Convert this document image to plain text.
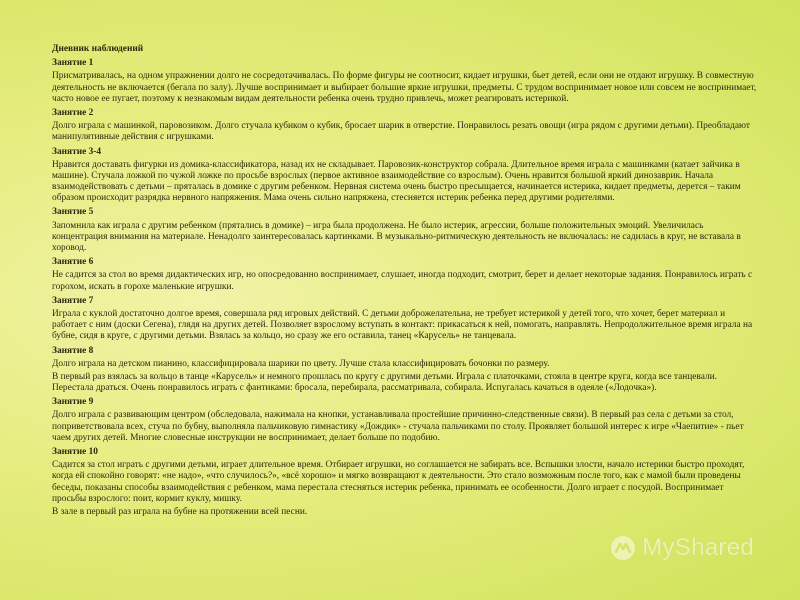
Дневник наблюдений
Занятие 1
Присматривалась, на одном упражнении долго не сосредотачивалась. По форме фигуры не соотносит, кидает игрушки, бьет детей, если они не отдают игрушку. В совместную деятельность не включается (бегала по залу). Лучше воспринимает и выбирает большие яркие игрушки, предметы. С трудом воспринимает новое или совсем не воспринимает, часто новое ее пугает, поэтому к незнакомым видам деятельности ребенка очень трудно привлечь, может реагировать истерикой.
Занятие 2
Долго играла с машинкой, паровозиком. Долго стучала кубиком о кубик, бросает шарик в отверстие. Понравилось резать овощи (игра рядом с другими детьми). Преобладают манипулятивные действия с игрушками.
Занятие 3-4
Нравится доставать фигурки из домика-классификатора, назад их не складывает. Паровозик-конструктор собрала. Длительное время играла с машинками (катает зайчика в машине). Стучала ложкой по чужой ложке по просьбе взрослых (первое активное взаимодействие со взрослым). Очень нравится большой яркий динозаврик. Начала взаимодействовать с детьми – пряталась в домике с другим ребенком. Нервная система очень быстро пресыщается, начинается истерика, кидает предметы, дерется – таким образом происходит разрядка нервного напряжения. Мама очень сильно напряжена, стесняется истерик ребенка перед другими родителями.
Занятие 5
Запомнила как играла с другим ребенком (прятались в домике) – игра была продолжена. Не было истерик, агрессии, больше положительных эмоций. Увеличилась концентрация внимания на материале. Ненадолго заинтересовалась картинками. В музыкально-ритмическую деятельность не включалась: не садилась в круг, не вставала в хоровод.
Занятие 6
Не садится за стол во время дидактических игр, но опосредованно воспринимает, слушает, иногда подходит, смотрит, берет и делает некоторые задания. Понравилось играть с горохом, искать в горохе маленькие игрушки.
Занятие 7
Играла с куклой достаточно долгое время, совершала ряд игровых действий. С детьми доброжелательна, не требует истерикой у детей того, что хочет, берет материал и работает с ним (доски Сегена), глядя на других детей. Позволяет взрослому вступать в контакт: прикасаться к ней, помогать, направлять. Непродолжительное время играла на бубне, сидя в круге, с другими детьми. Взялась за кольцо, но сразу же его оставила, танец «Карусель» не танцевала.
Занятие 8
Долго играла на детском пианино, классифицировала шарики по цвету. Лучше стала классифицировать бочонки по размеру.
В первый раз взялась за кольцо в танце «Карусель» и немного прошлась по кругу с другими детьми. Играла с платочками, стояла в центре круга, когда все танцевали. Перестала драться. Очень понравилось играть с фантиками: бросала, перебирала, рассматривала, собирала. Испугалась качаться в одеяле («Лодочка»).
Занятие 9
Долго играла с развивающим центром (обследовала, нажимала на кнопки, устанавливала простейшие причинно-следственные связи). В первый раз села с детьми за стол, поприветствовала всех, стуча по бубну, выполняла пальчиковую гимнастику «Дождик» - стучала пальчиками по столу. Проявляет большой интерес к игре «Чаепитие» - пьет чаем других детей. Многие словесные инструкции не воспринимает, делает больше по подобию.
Занятие 10
Садится за стол играть с другими детьми, играет длительное время. Отбирает игрушки, но соглашается не забирать все. Вспышки злости, начало истерики быстро проходят, когда ей спокойно говорят: «не надо», «что случилось?», «всё хорошо» и мягко возвращают к деятельности. Это стало возможным после того, как с мамой были проведены беседы, показаны способы взаимодействия с ребенком, мама перестала стесняться истерик ребенка, принимать ее особенности. Долго играет с посудой. Воспринимает просьбы взрослого: поит, кормит куклу, мишку.
В зале в первый раз играла на бубне на протяжении всей песни.
MyShared
